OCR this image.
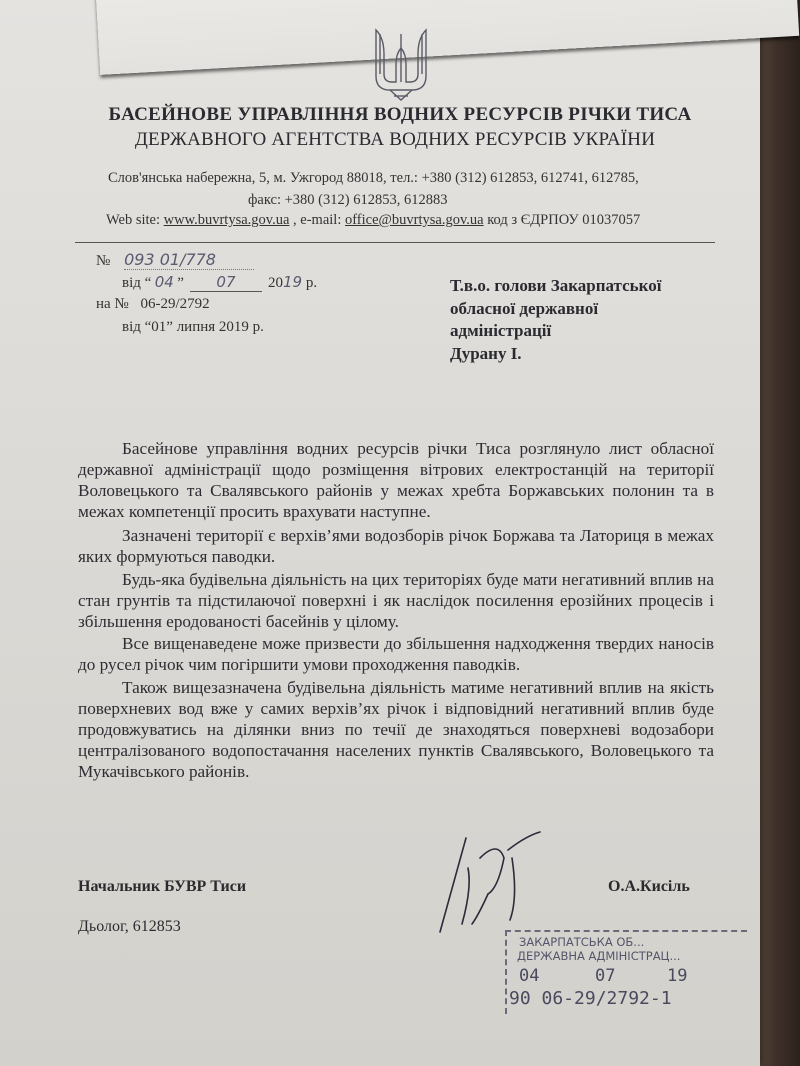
БАСЕЙНОВЕ УПРАВЛІННЯ ВОДНИХ РЕСУРСІВ РІЧКИ ТИСА
ДЕРЖАВНОГО АГЕНТСТВА ВОДНИХ РЕСУРСІВ УКРАЇНИ
Слов'янська набережна, 5, м. Ужгород 88018, тел.: +380 (312) 612853, 612741, 612785,
факс: +380 (312) 612853, 612883
Web site: www.buvrtysa.gov.ua , e-mail: office@buvrtysa.gov.ua код з ЄДРПОУ 01037057
№ 093 01/778
від “ 04 ” 07 2019 р.
на № 06-29/2792
від “01” липня 2019 р.
Т.в.о. голови Закарпатської
обласної державної
адміністрації
Дурану І.
Басейнове управління водних ресурсів річки Тиса розглянуло лист обласної державної адміністрації щодо розміщення вітрових електростанцій на території Воловецького та Свалявського районів у межах хребта Боржавських полонин та в межах компетенції просить врахувати наступне.
Зазначені території є верхів’ями водозборів річок Боржава та Латориця в межах яких формуються паводки.
Будь-яка будівельна діяльність на цих територіях буде мати негативний вплив на стан грунтів та підстилаючої поверхні і як наслідок посилення ерозійних процесів і збільшення еродованості басейнів у цілому.
Все вищенаведене може призвести до збільшення надходження твердих наносів до русел річок чим погіршити умови проходження паводків.
Також вищезазначена будівельна діяльність матиме негативний вплив на якість поверхневих вод вже у самих верхів’ях річок і відповідний негативний вплив буде продовжуватись на ділянки вниз по течії де знаходяться поверхневі водозабори централізованого водопостачання населених пунктів Свалявського, Воловецького та Мукачівського районів.
Начальник БУВР Тиси	О.А.Кисіль
Дьолог, 612853
ЗАКАРПАТСЬКА ОБ...
ДЕРЖАВНА АДМІНІСТРАЦ...
04	07	19
90 06-29/2792-1
